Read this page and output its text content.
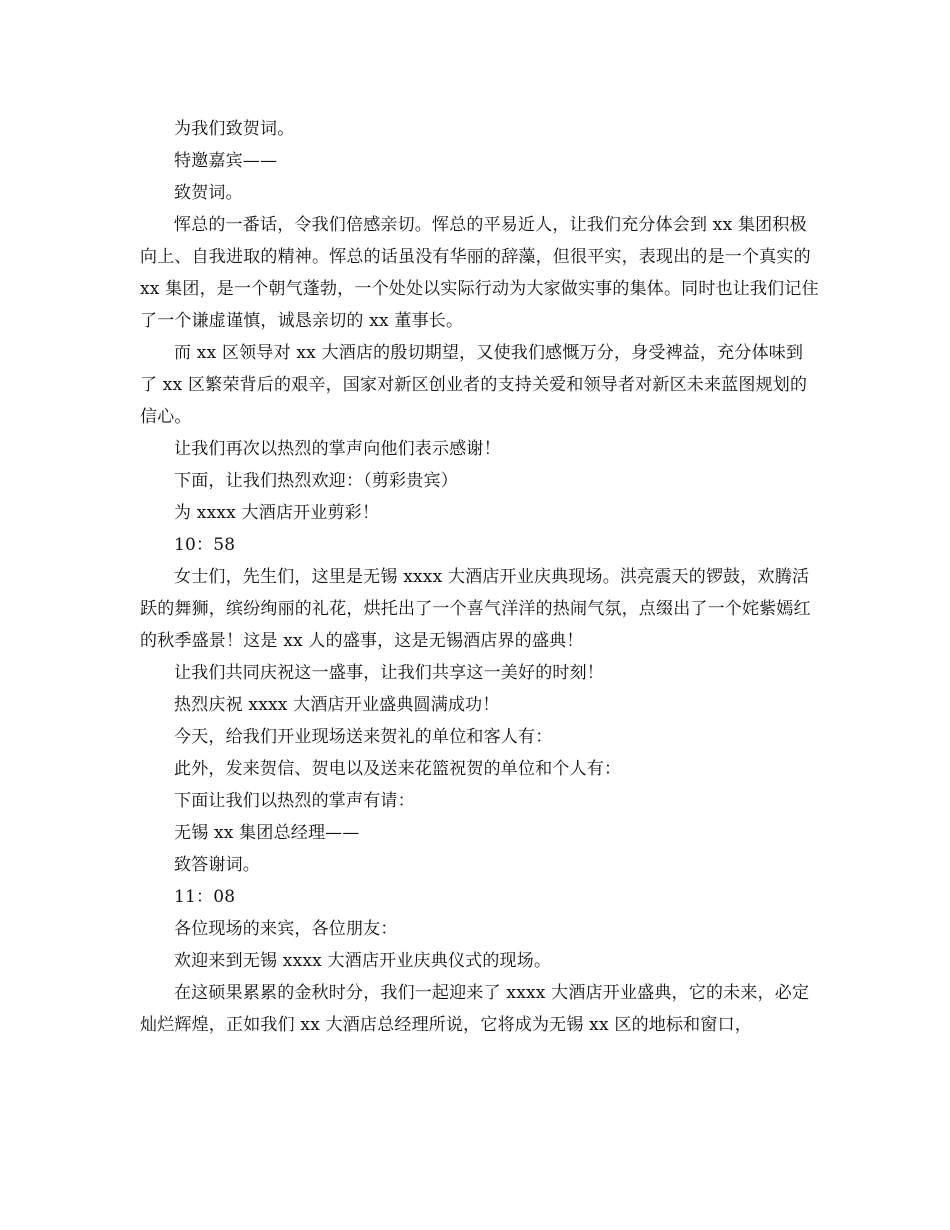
为我们致贺词。

特邀嘉宾——

致贺词。

恽总的一番话，令我们倍感亲切。恽总的平易近人，让我们充分体会到 xx 集团积极向上、自我进取的精神。恽总的话虽没有华丽的辞藻，但很平实，表现出的是一个真实的 xx 集团，是一个朝气蓬勃，一个处处以实际行动为大家做实事的集体。同时也让我们记住了一个谦虚谨慎，诚恳亲切的 xx 董事长。

而 xx 区领导对 xx 大酒店的殷切期望，又使我们感慨万分，身受裨益，充分体味到了 xx 区繁荣背后的艰辛，国家对新区创业者的支持关爱和领导者对新区未来蓝图规划的信心。

让我们再次以热烈的掌声向他们表示感谢！

下面，让我们热烈欢迎：（剪彩贵宾）

为 xxxx 大酒店开业剪彩！

10：58

女士们，先生们，这里是无锡 xxxx 大酒店开业庆典现场。洪亮震天的锣鼓，欢腾活跃的舞狮，缤纷绚丽的礼花，烘托出了一个喜气洋洋的热闹气氛，点缀出了一个姹紫嫣红的秋季盛景！这是 xx 人的盛事，这是无锡酒店界的盛典！

让我们共同庆祝这一盛事，让我们共享这一美好的时刻！

热烈庆祝 xxxx 大酒店开业盛典圆满成功！

今天，给我们开业现场送来贺礼的单位和客人有：

此外，发来贺信、贺电以及送来花篮祝贺的单位和个人有：

下面让我们以热烈的掌声有请：

无锡 xx 集团总经理——

致答谢词。

11：08

各位现场的来宾，各位朋友：

欢迎来到无锡 xxxx 大酒店开业庆典仪式的现场。

在这硕果累累的金秋时分，我们一起迎来了 xxxx 大酒店开业盛典，它的未来，必定灿烂辉煌，正如我们 xx 大酒店总经理所说，它将成为无锡 xx 区的地标和窗口，
